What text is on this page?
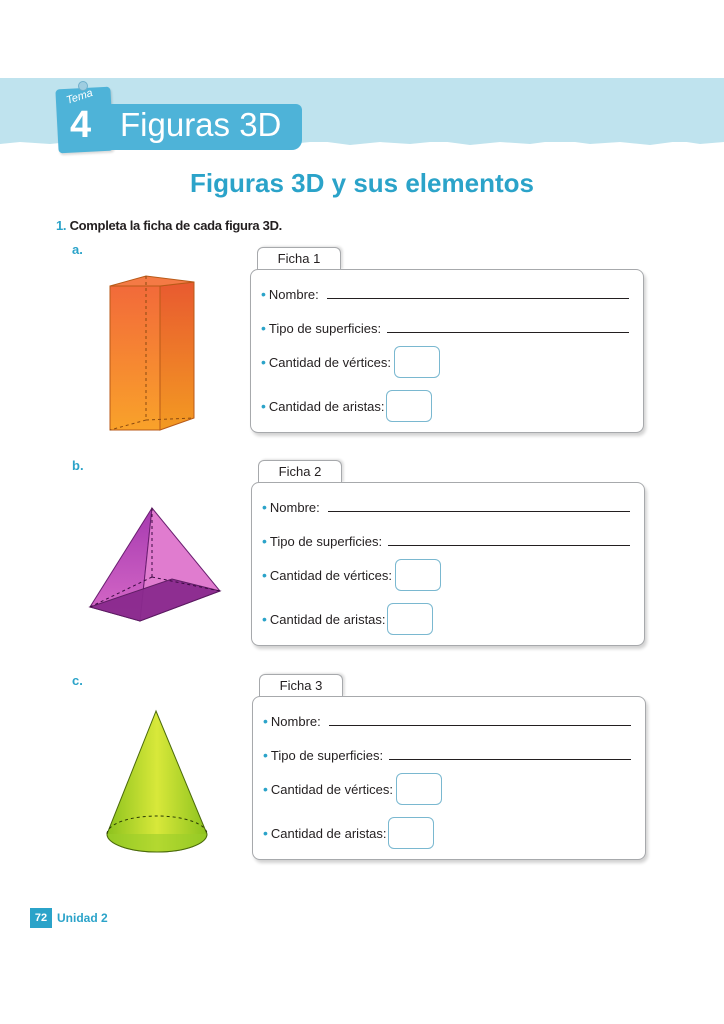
Tema
4 Figuras 3D
Figuras 3D y sus elementos
1. Completa la ficha de cada figura 3D.
a.
Ficha 1
• Nombre:
• Tipo de superficies:
• Cantidad de vértices:
• Cantidad de aristas:
b.	Ficha 2
• Nombre:
• Tipo de superficies:
• Cantidad de vértices:
• Cantidad de aristas:
c.	Ficha 3
• Nombre:
• Tipo de superficies:
• Cantidad de vértices:
• Cantidad de aristas:
72 Unidad 2
